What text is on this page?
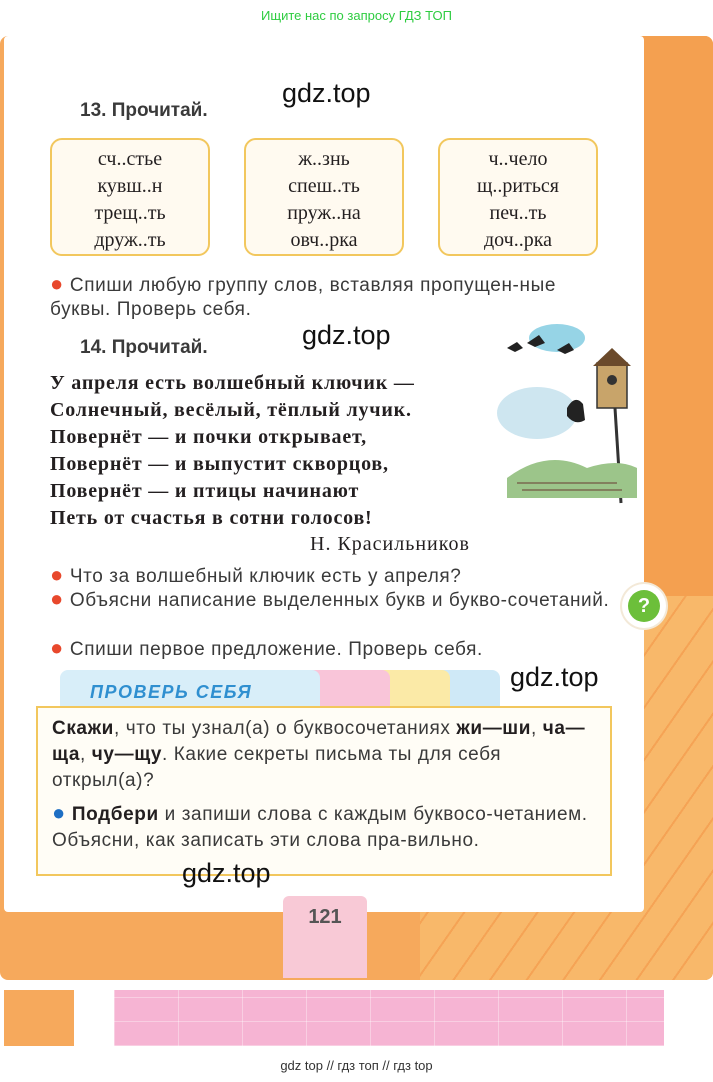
Ищите нас по запросу ГДЗ ТОП
13. Прочитай.
gdz.top
сч..стье
кувш..н
трещ..ть
друж..ть
ж..знь
спеш..ть
пруж..на
овч..рка
ч..чело
щ..риться
печ..ть
доч..рка
● Спиши любую группу слов, вставляя пропущен-ные буквы. Проверь себя.
14. Прочитай.	gdz.top
У апреля есть волшебный ключик —
Солнечный, весёлый, тёплый лучик.
Повернёт — и почки открывает,
Повернёт — и выпустит скворцов,
Повернёт — и птицы начинают
Петь от счастья в сотни голосов!
Н. Красильников
● Что за волшебный ключик есть у апреля?
● Объясни написание выделенных букв и букво-сочетаний.
● Спиши первое предложение. Проверь себя.
?
gdz.top
ПРОВЕРЬ СЕБЯ
Скажи, что ты узнал(а) о буквосочетаниях жи—ши, ча—ща, чу—щу. Какие секреты письма ты для себя открыл(а)?
● Подбери и запиши слова с каждым буквосо-четанием. Объясни, как записать эти слова пра-вильно.
gdz.top
121
gdz top // гдз топ // гдз top
